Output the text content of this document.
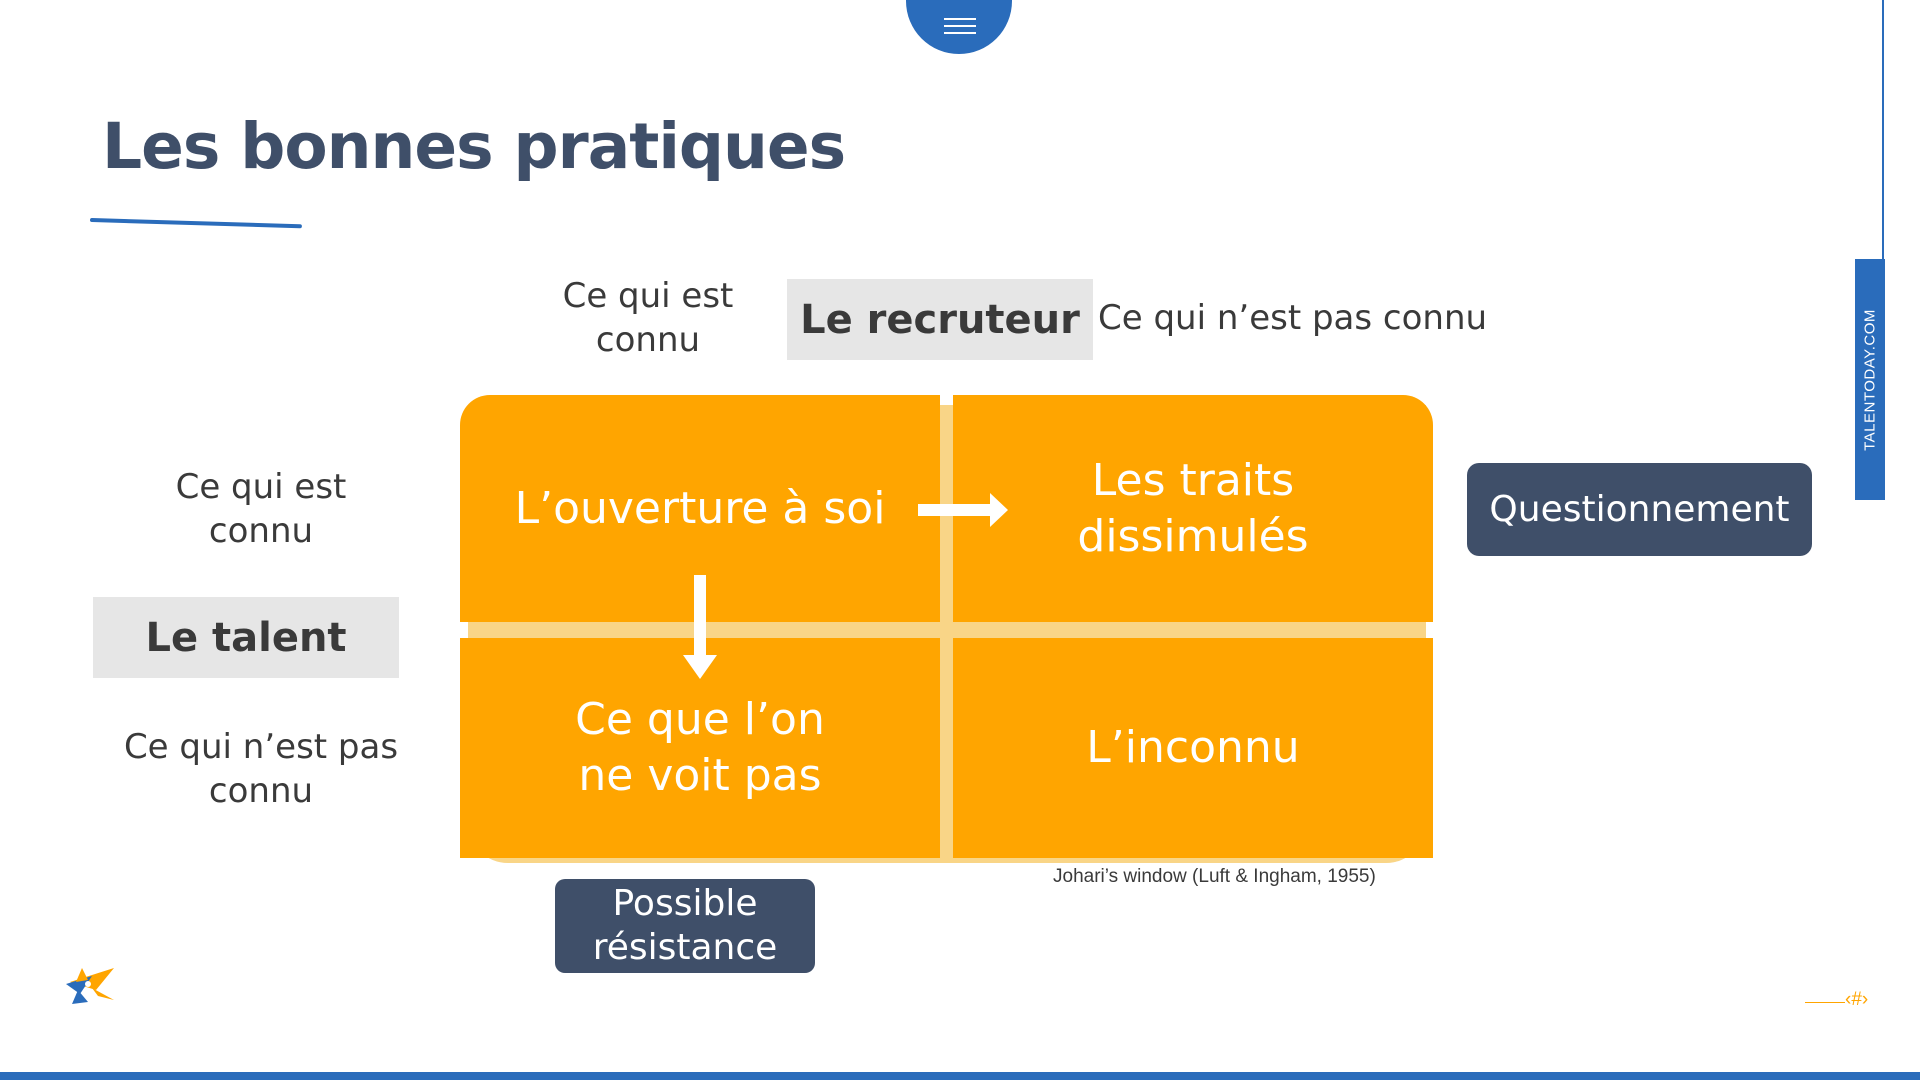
TALENTODAY.COM
Les bonnes pratiques
Ce qui est
connu	Le recruteur Ce qui n’est pas connu
Ce qui est
connu
Le talent
Ce qui n’est pas
connu
L’ouverture à soi
Les traits
dissimulés
Ce que l’on
ne voit pas
L’inconnu
Questionnement
Possible
résistance
Johari’s window (Luft & Ingham, 1955)
‹#›
